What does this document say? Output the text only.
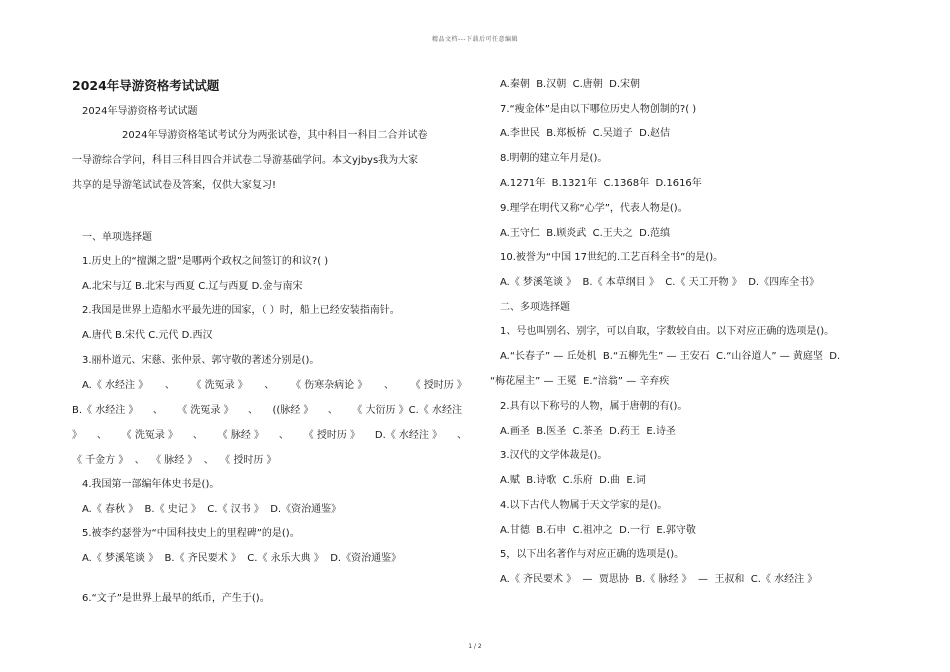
精品文档---下载后可任意编辑
2024年导游资格考试试题
2024年导游资格考试试题
2024年导游资格笔试考试分为两张试卷，其中科目一科目二合并试卷
一导游综合学问，科目三科目四合并试卷二导游基础学问。本文yjbys我为大家
共享的是导游笔试试卷及答案，仅供大家复习!
一、单项选择题
1.历史上的“擅渊之盟”是哪两个政权之间签订的和议?( )
A.北宋与辽 B.北宋与西夏 C.辽与西夏 D.金与南宋
2.我国是世界上造船水平最先进的国家，（ ）时，船上已经安装指南针。
A.唐代 B.宋代 C.元代 D.西汉
3.丽朴道元、宋慈、张仲景、郭守敬的著述分别是()。
A.《 水经注 》 、 《 洗冤录 》 、 《 伤寒杂病论 》 、 《 授时历 》
B.《 水经注 》 、 《 洗冤录 》 、 ((脉经 》 、 《 大衍历 》C.《 水经注
》 、 《 洗冤录 》 、 《 脉经 》 、 《 授时历 》 D.《 水经注 》 、
《 千金方 》  、  《 脉经 》  、  《 授时历 》
4.我国第一部编年体史书是()。
A.《 春秋 》  B.《 史记 》  C.《 汉书 》  D.《资治通鉴》
5.被李约瑟誉为“中国科技史上的里程碑”的是()。
A.《 梦溪笔谈 》  B.《 齐民要术 》  C.《 永乐大典 》  D.《资治通鉴》
6.“文子”是世界上最早的纸币，产生于()。
A.秦朝  B.汉朝  C.唐朝  D.宋朝
7.“瘦金体”是由以下哪位历史人物创制的?( )
A.李世民  B.郑板桥  C.吴道子  D.赵佶
8.明朝的建立年月是()。
A.1271年  B.1321年  C.1368年  D.1616年
9.理学在明代又称“心学”，代表人物是()。
A.王守仁  B.顾炎武  C.王夫之  D.范缜
10.被誉为“中国 17世纪的.工艺百科全书”的是()。
A.《 梦溪笔谈 》  B.《 本草纲目 》  C.《 天工开物 》  D.《四库全书》
二、多项选择题
1、号也叫别名、别字，可以自取，字数较自由。以下对应正确的选项是()。
A.“长春子” — 丘处机  B.“五柳先生” — 王安石  C.“山谷道人” — 黄庭坚  D.
“梅花屋主” — 王冕  E.“涪翁” — 辛弃疾
2.具有以下称号的人物，属于唐朝的有()。
A.画圣  B.医圣  C.茶圣  D.药王  E.诗圣
3.汉代的文学体裁是()。
A.赋  B.诗歌  C.乐府  D.曲  E.词
4.以下古代人物属于天文学家的是()。
A.甘德  B.石申  C.祖冲之  D.一行  E.郭守敬
5，以下出名著作与对应正确的选项是()。
A.《 齐民要术 》  —  贾思协  B.《 脉经 》  —  王叔和  C.《 水经注 》
1 / 2
